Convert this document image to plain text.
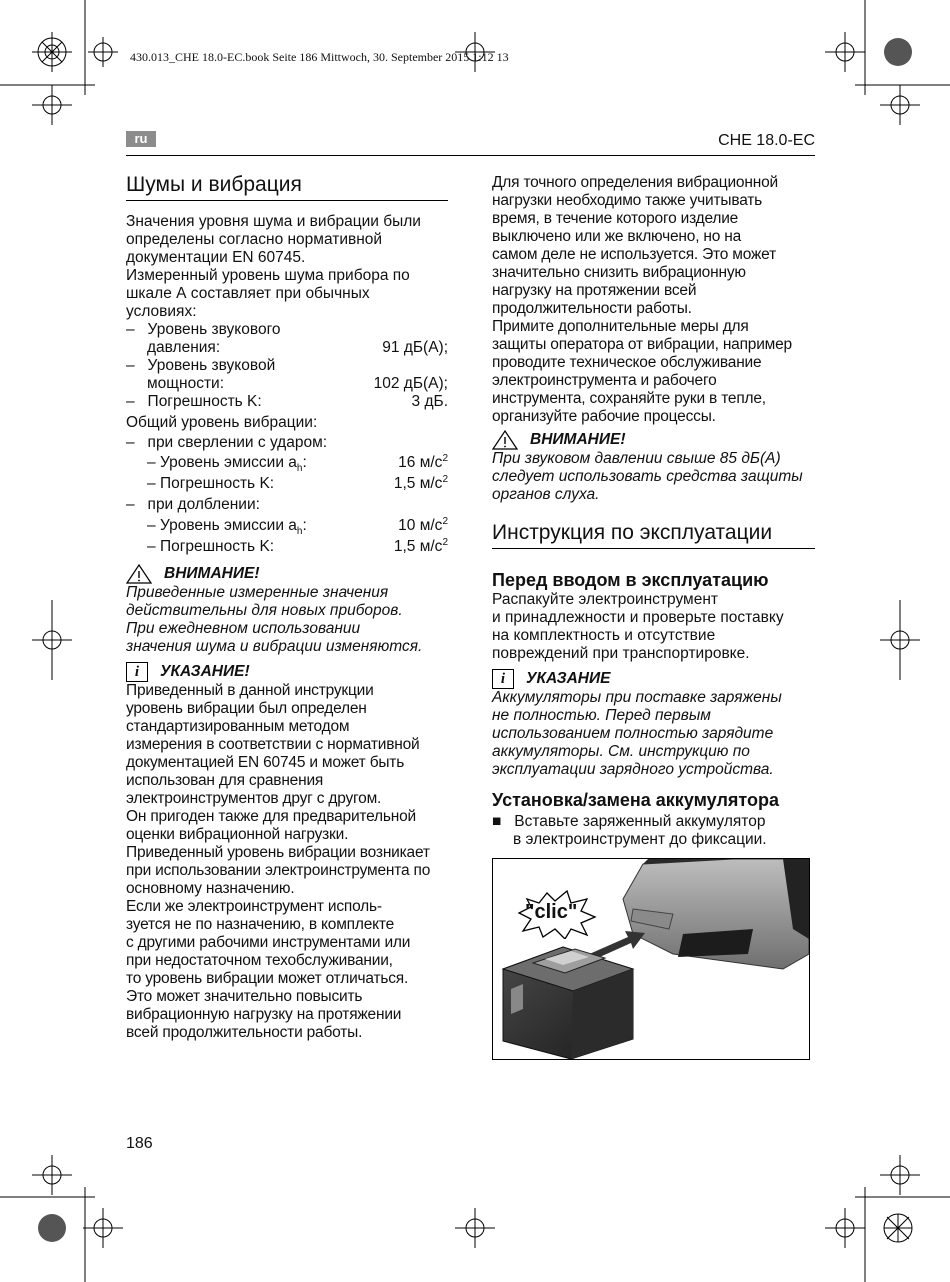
430.013_CHE 18.0-EC.book Seite 186 Mittwoch, 30. September 2015 1:12 13
ru	CHE 18.0-EC
Шумы и вибрация

Значения уровня шума и вибрации были

определены согласно нормативной

документации EN 60745.

Измеренный уровень шума прибора по

шкале А составляет при обычных

условиях:

–   Уровень звукового

давления:	91 дБ(А);

–   Уровень звуковой

мощности:	102 дБ(А);
–   Погрешность K:	3 дБ.

Общий уровень вибрации:

–   при сверлении с ударом:

– Уровень эмиссии $a_h$:	16 $м/с^2$
– Погрешность K:	1,5 $м/с^2$

–   при долблении:

– Уровень эмиссии $a_h$:	10 $м/с^2$
– Погрешность K:	1,5 $м/с^2$
ВНИМАНИЕ!

Приведенные измеренные значения

действительны для новых приборов.

При ежедневном использовании

значения шума и вибрации изменяются.

i	УКАЗАНИЕ!

Приведенный в данной инструкции

уровень вибрации был определен

стандартизированным методом

измерения в соответствии с нормативной

документацией EN 60745 и может быть

использован для сравнения

электроинструментов друг с другом.

Он пригоден также для предварительной

оценки вибрационной нагрузки.

Приведенный уровень вибрации возникает

при использовании электроинструмента по

основному назначению.

Если же электроинструмент исполь-

зуется не по назначению, в комплекте

с другими рабочими инструментами или

при недостаточном техобслуживании,

то уровень вибрации может отличаться.

Это может значительно повысить

вибрационную нагрузку на протяжении

всей продолжительности работы.

Для точного определения вибрационной

нагрузки необходимо также учитывать

время, в течение которого изделие

выключено или же включено, но на

самом деле не используется. Это может

значительно снизить вибрационную

нагрузку на протяжении всей

продолжительности работы.

Примите дополнительные меры для

защиты оператора от вибрации, например

проводите техническое обслуживание

электроинструмента и рабочего

инструмента, сохраняйте руки в тепле,

организуйте рабочие процессы.

ВНИМАНИЕ!

При звуковом давлении свыше 85 дБ(А)

следует использовать средства защиты

органов слуха.

Инструкция по эксплуатации
Перед вводом в эксплуатацию

Распакуйте электроинструмент

и принадлежности и проверьте поставку

на комплектность и отсутствие

повреждений при транспортировке.

i	УКАЗАНИЕ

Аккумуляторы при поставке заряжены

не полностью. Перед первым

использованием полностью зарядите

аккумуляторы. См. инструкцию по

эксплуатации зарядного устройства.

Установка/замена аккумулятора

■ Вставьте заряженный аккумулятор

в электроинструмент до фиксации.

"clic"
186
